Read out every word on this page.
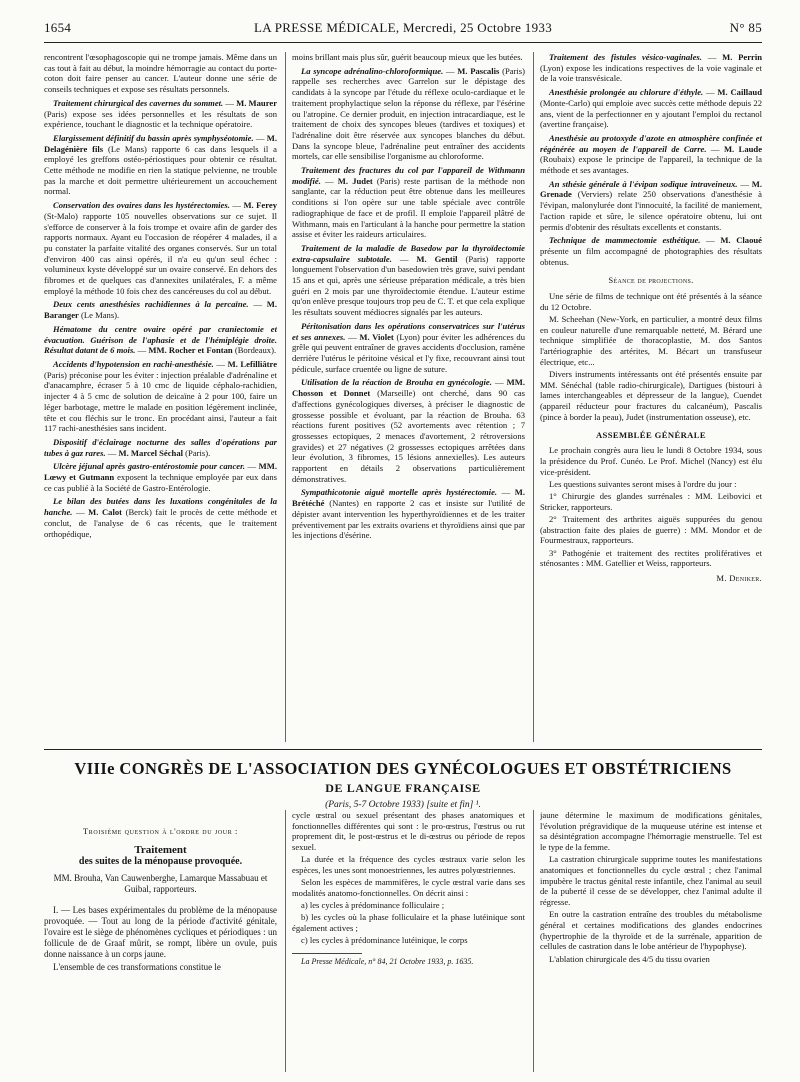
1654	LA PRESSE MÉDICALE, Mercredi, 25 Octobre 1933	N° 85

rencontrent l'œsophagoscopie qui ne trompe jamais. Même dans un cas tout à fait au début, la moindre hémorragie au contact du porte-coton doit faire penser au cancer. L'auteur donne une série de conseils techniques et expose ses résultats personnels.

Traitement chirurgical des cavernes du sommet. — M. Maurer (Paris) expose ses idées personnelles et les résultats de son expérience, touchant le diagnostic et la technique opératoire.

Elargissement définitif du bassin après symphyséotomie. — M. Delagénière fils (Le Mans) rapporte 6 cas dans lesquels il a employé les greffons ostéo-périostiques pour obtenir ce résultat. Cette méthode ne modifie en rien la statique pelvienne, ne trouble pas la marche et doit permettre ultérieurement un accouchement normal.

Conservation des ovaires dans les hystérectomies. — M. Ferey (St-Malo) rapporte 105 nouvelles observations sur ce sujet. Il s'efforce de conserver à la fois trompe et ovaire afin de garder des rapports normaux. Ayant eu l'occasion de réopérer 4 malades, il a pu constater la parfaite vitalité des organes conservés. Sur un total d'environ 400 cas ainsi opérés, il n'a eu qu'un seul échec : volumineux kyste développé sur un ovaire conservé. En dehors des fibromes et de quelques cas d'annexites unilatérales, F. a même employé la méthode 10 fois chez des cancéreuses du col au début.

Deux cents anesthésies rachidiennes à la percaïne. — M. Baranger (Le Mans).

Hématome du centre ovaire opéré par craniectomie et évacuation. Guérison de l'aphasie et de l'hémiplégie droite. Résultat datant de 6 mois. — MM. Rocher et Fontan (Bordeaux).

Accidents d'hypotension en rachi-anesthésie. — M. Lefilliâtre (Paris) préconise pour les éviter : injection préalable d'adrénaline et d'anacamphre, écraser 5 à 10 cmc de liquide céphalo-rachidien, injecter 4 à 5 cmc de solution de deicaïne à 2 pour 100, faire un léger barbotage, mettre le malade en position légèrement inclinée, tête et cou fléchis sur le tronc. En procédant ainsi, l'auteur a fait 117 rachi-anesthésies sans incident.

Dispositif d'éclairage nocturne des salles d'opérations par tubes à gaz rares. — M. Marcel Séchal (Paris).

Ulcère jéjunal après gastro-entérostomie pour cancer. — MM. Lœwy et Gutmann exposent la technique employée par eux dans ce cas publié à la Société de Gastro-Entérologie.

Le bilan des butées dans les luxations congénitales de la hanche. — M. Calot (Berck) fait le procès de cette méthode et conclut, de l'analyse de 6 cas récents, que le traitement orthopédique,

moins brillant mais plus sûr, guérit beaucoup mieux que les butées.

La syncope adrénalino-chloroformique. — M. Pascalis (Paris) rappelle ses recherches avec Garrelon sur le dépistage des candidats à la syncope par l'étude du réflexe oculo-cardiaque et le traitement prophylactique selon la réponse du réflexe, par l'ésérine ou l'atropine. Ce dernier produit, en injection intracardiaque, est le traitement de choix des syncopes bleues (tardives et toxiques) et l'adrénaline doit être réservée aux syncopes blanches du début. Dans la syncope bleue, l'adrénaline peut entraîner des accidents mortels, car elle sensibilise l'organisme au chloroforme.

Traitement des fractures du col par l'appareil de Withmann modifié. — M. Judet (Paris) reste partisan de la méthode non sanglante, car la réduction peut être obtenue dans les meilleures conditions si l'on opère sur une table spéciale avec contrôle radiographique de face et de profil. Il emploie l'appareil plâtré de Withmann, mais en l'articulant à la hanche pour permettre la station assise et éviter les raideurs articulaires.

Traitement de la maladie de Basedow par la thyroïdectomie extra-capsulaire subtotale. — M. Gentil (Paris) rapporte longuement l'observation d'un basedowien très grave, suivi pendant 15 ans et qui, après une sérieuse préparation médicale, a très bien guéri en 2 mois par une thyroïdectomie étendue. L'auteur estime qu'on enlève presque toujours trop peu de C. T. et que cela explique les résultats souvent médiocres signalés par les auteurs.

Péritonisation dans les opérations conservatrices sur l'utérus et ses annexes. — M. Violet (Lyon) pour éviter les adhérences du grêle qui peuvent entraîner de graves accidents d'occlusion, ramène derrière l'utérus le péritoine vésical et l'y fixe, recouvrant ainsi tout pédicule, surface cruentée ou ligne de suture.

Utilisation de la réaction de Brouha en gynécologie. — MM. Chosson et Donnet (Marseille) ont cherché, dans 90 cas d'affections gynécologiques diverses, à préciser le diagnostic de grossesse possible et évoluant, par la réaction de Brouha. 63 réactions furent positives (52 avortements avec rétention ; 7 grossesses ectopiques, 2 menaces d'avortement, 2 rétroversions gravides) et 27 négatives (2 grossesses ectopiques arrêtées dans leur évolution, 3 fibromes, 15 lésions annexielles). Les auteurs rapportent en détails 2 observations particulièrement démonstratives.

Sympathicotonie aiguë mortelle après hystérectomie. — M. Brétéché (Nantes) en rapporte 2 cas et insiste sur l'utilité de dépister avant intervention les hyperthyroïdiennes et de les traiter préventivement par les extraits ovariens et thyroïdiens ainsi que par les injections d'ésérine.

Traitement des fistules vésico-vaginales. — M. Perrin (Lyon) expose les indications respectives de la voie vaginale et de la voie transvésicale.

Anesthésie prolongée au chlorure d'éthyle. — M. Caillaud (Monte-Carlo) qui emploie avec succès cette méthode depuis 22 ans, vient de la perfectionner en y ajoutant l'emploi du rectanol (avertine française).

Anesthésie au protoxyde d'azote en atmosphère confinée et régénérée au moyen de l'appareil de Carre. — M. Laude (Roubaix) expose le principe de l'appareil, la technique de la méthode et ses avantages.

An sthésie générale à l'évipan sodique intraveineux. — M. Grenade (Verviers) relate 250 observations d'anesthésie à l'évipan, malonylurée dont l'innocuité, la facilité de maniement, l'action rapide et sûre, le silence opératoire obtenu, lui ont permis d'obtenir des résultats excellents et constants.

Technique de mammectomie esthétique. — M. Claoué présente un film accompagné de photographies des résultats obtenus.

Séance de projections.

Une série de films de technique ont été présentés à la séance du 12 Octobre.

M. Scheehan (New-York, en particulier, a montré deux films en couleur naturelle d'une remarquable netteté, M. Bérard une technique simplifiée de thoracoplastie, M. dos Santos l'artériographie des artérites, M. Bécart un transfuseur électrique, etc...

Divers instruments intéressants ont été présentés ensuite par MM. Sénéchal (table radio-chirurgicale), Dartigues (bistouri à lames interchangeables et dépresseur de la langue), Cuendet (appareil réducteur pour fractures du calcanéum), Pascalis (pince à border la peau), Judet (instrumentation osseuse), etc.

ASSEMBLÉE GÉNÉRALE

Le prochain congrès aura lieu le lundi 8 Octobre 1934, sous la présidence du Prof. Cunéo. Le Prof. Michel (Nancy) est élu vice-président.

Les questions suivantes seront mises à l'ordre du jour :

1° Chirurgie des glandes surrénales : MM. Leibovici et Stricker, rapporteurs.

2° Traitement des arthrites aiguës suppurées du genou (abstraction faite des plaies de guerre) : MM. Mondor et de Fourmestraux, rapporteurs.

3° Pathogénie et traitement des rectites prolifératives et sténosantes : MM. Gatellier et Weiss, rapporteurs.

M. Deniker.

VIIIe CONGRÈS DE L'ASSOCIATION DES GYNÉCOLOGUES ET OBSTÉTRICIENS
DE LANGUE FRANÇAISE
(Paris, 5-7 Octobre 1933) [suite et fin] ¹.
Troisième question à l'ordre du jour :
Traitement
des suites de la ménopause provoquée.
MM. Brouha, Van Cauwenberghe, Lamarque Massabuau et Guibal, rapporteurs.

I. — Les bases expérimentales du problème de la ménopause provoquée. — Tout au long de la période d'activité génitale, l'ovaire est le siège de phénomènes cycliques et périodiques : un follicule de de Graaf mûrit, se rompt, libère un ovule, puis donne naissance à un corps jaune.

L'ensemble de ces transformations constitue le

cycle œstral ou sexuel présentant des phases anatomiques et fonctionnelles différentes qui sont : le pro-œstrus, l'œstrus ou rut proprement dit, le post-œstrus et le di-œstrus ou période de repos sexuel.

La durée et la fréquence des cycles œstraux varie selon les espèces, les unes sont monoestriennes, les autres polyœstriennes.

Selon les espèces de mammifères, le cycle œstral varie dans ses modalités anatomo-fonctionnelles. On décrit ainsi :

a) les cycles à prédominance folliculaire ;

b) les cycles où la phase folliculaire et la phase lutéinique sont également actives ;

c) les cycles à prédominance lutéinique, le corps

La Presse Médicale, n° 84, 21 Octobre 1933, p. 1635.

jaune détermine le maximum de modifications génitales, l'évolution prégravidique de la muqueuse utérine est intense et sa désintégration accompagne l'hémorragie menstruelle. Tel est le type de la femme.

La castration chirurgicale supprime toutes les manifestations anatomiques et fonctionnelles du cycle œstral ; chez l'animal impubère le tractus génital reste infantile, chez l'animal au seuil de la puberté il cesse de se développer, chez l'animal adulte il régresse.

En outre la castration entraîne des troubles du métabolisme général et certaines modifications des glandes endocrines (hypertrophie de la thyroïde et de la surrénale, apparition de cellules de castration dans le lobe antérieur de l'hypophyse).

L'ablation chirurgicale des 4/5 du tissu ovarien
